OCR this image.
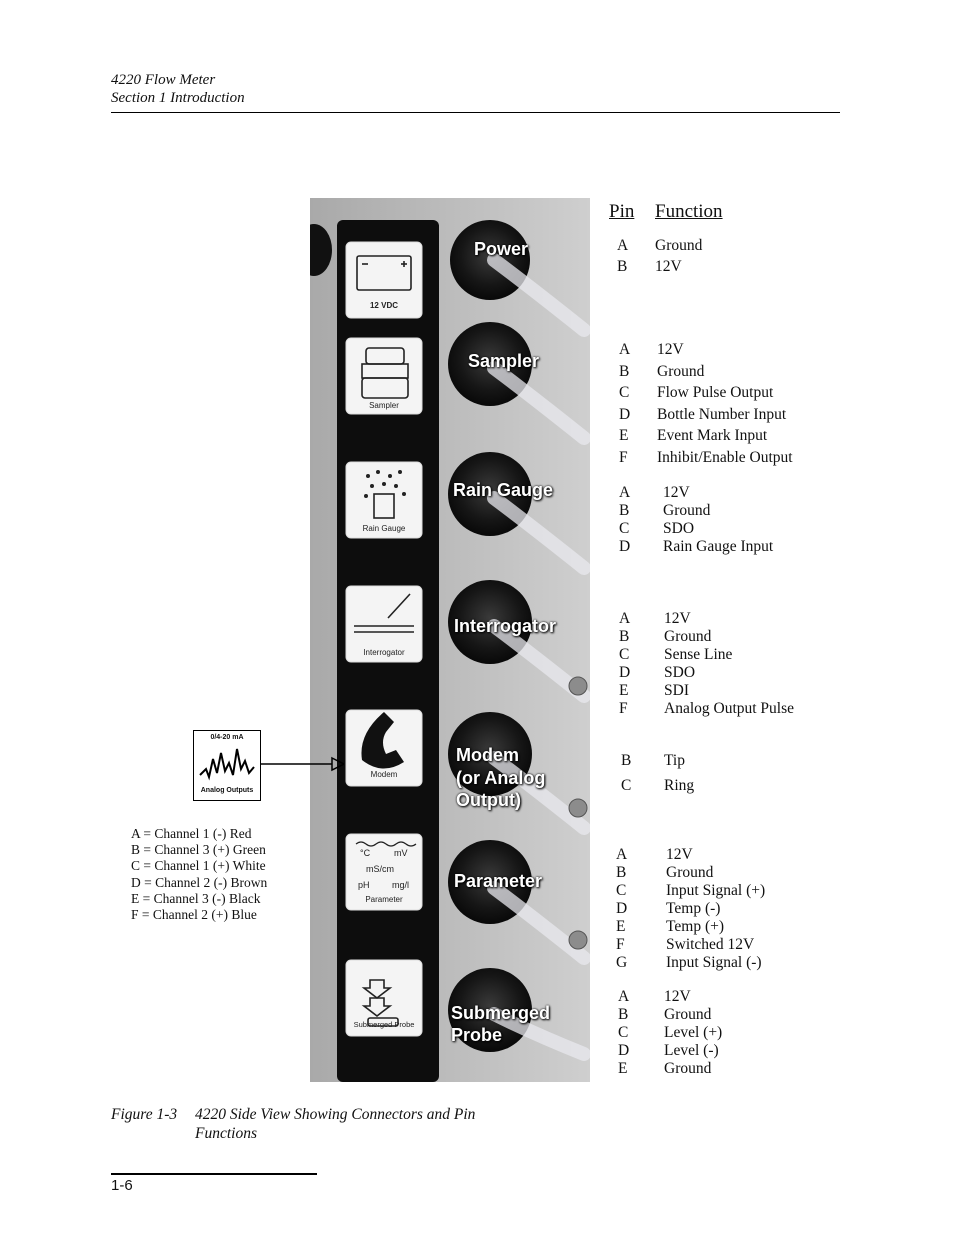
4220 Flow Meter
Section 1 Introduction
12 VDC
Sampler
Rain Gauge
Interrogator
Modem
Parameter
Submerged Probe
°C	mV
mS/cm
pH mg/l
Power
Sampler
Rain Gauge
Interrogator
Modem
(or Analog
Output)
Parameter
Submerged
Probe
0/4-20 mA
Analog Outputs
A = Channel 1 (-) Red
B = Channel 3 (+) Green
C = Channel 1 (+) White
D = Channel 2 (-) Brown
E = Channel 3 (-) Black
F = Channel 2 (+) Blue
Pin Function
A Ground
B 12V
A 12V
B Ground
C Flow Pulse Output
D Bottle Number Input
E Event Mark Input
F Inhibit/Enable Output
A 12V
B Ground
C SDO
D Rain Gauge Input
A 12V
B Ground
C Sense Line
D SDO
E SDI
F Analog Output Pulse
B Tip
C Ring
A	12V
B	Ground
C	Input Signal (+)
D	Temp (-)
E	Temp (+)
F	Switched 12V
G	Input Signal (-)
A 12V
B Ground
C Level (+)
D Level (-)
E Ground
Figure 1-3 4220 Side View Showing Connectors and Pin
Functions
1-6
